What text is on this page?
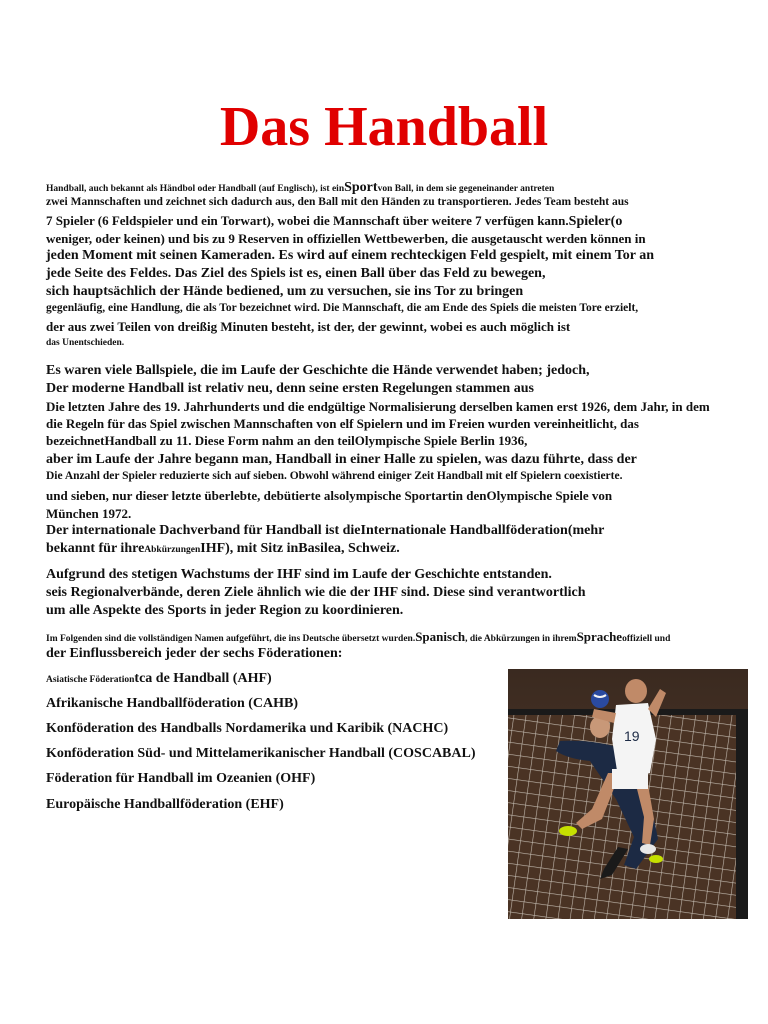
Das Handball
Handball, auch bekannt als Händbol oder Handball (auf Englisch), ist einSportvon Ball, in dem sie gegeneinander antreten
zwei Mannschaften und zeichnet sich dadurch aus, den Ball mit den Händen zu transportieren. Jedes Team besteht aus
7 Spieler (6 Feldspieler und ein Torwart), wobei die Mannschaft über weitere 7 verfügen kann.Spieler(o
weniger, oder keinen) und bis zu 9 Reserven in offiziellen Wettbewerben, die ausgetauscht werden können in
jeden Moment mit seinen Kameraden. Es wird auf einem rechteckigen Feld gespielt, mit einem Tor an
jede Seite des Feldes. Das Ziel des Spiels ist es, einen Ball über das Feld zu bewegen,
sich hauptsächlich der Hände bediened, um zu versuchen, sie ins Tor zu bringen
gegenläufig, eine Handlung, die als Tor bezeichnet wird. Die Mannschaft, die am Ende des Spiels die meisten Tore erzielt,
der aus zwei Teilen von dreißig Minuten besteht, ist der, der gewinnt, wobei es auch möglich ist
das Unentschieden.
Es waren viele Ballspiele, die im Laufe der Geschichte die Hände verwendet haben; jedoch,
Der moderne Handball ist relativ neu, denn seine ersten Regelungen stammen aus
Die letzten Jahre des 19. Jahrhunderts und die endgültige Normalisierung derselben kamen erst 1926, dem Jahr, in dem
die Regeln für das Spiel zwischen Mannschaften von elf Spielern und im Freien wurden vereinheitlicht, das
bezeichnetHandball zu 11. Diese Form nahm an den teilOlympische Spiele Berlin 1936,
aber im Laufe der Jahre begann man, Handball in einer Halle zu spielen, was dazu führte, dass der
Die Anzahl der Spieler reduzierte sich auf sieben. Obwohl während einiger Zeit Handball mit elf Spielern coexistierte.
und sieben, nur dieser letzte überlebte, debütierte alsolympische Sportartin denOlympische Spiele von
München 1972.
Der internationale Dachverband für Handball ist dieInternationale Handballföderation(mehr
bekannt für ihreAbkürzungenIHF), mit Sitz inBasilea, Schweiz.
Aufgrund des stetigen Wachstums der IHF sind im Laufe der Geschichte entstanden.
seis Regionalverbände, deren Ziele ähnlich wie die der IHF sind. Diese sind verantwortlich
um alle Aspekte des Sports in jeder Region zu koordinieren.
Im Folgenden sind die vollständigen Namen aufgeführt, die ins Deutsche übersetzt wurden.Spanisch, die Abkürzungen in ihremSpracheoffiziell und
der Einflussbereich jeder der sechs Föderationen:
Asiatische Föderationtca de Handball (AHF)
Afrikanische Handballföderation (CAHB)
Konföderation des Handballs Nordamerika und Karibik (NACHC)
Konföderation Süd- und Mittelamerikanischer Handball (COSCABAL)
Föderation für Handball im Ozeanien (OHF)
Europäische Handballföderation (EHF)
19
